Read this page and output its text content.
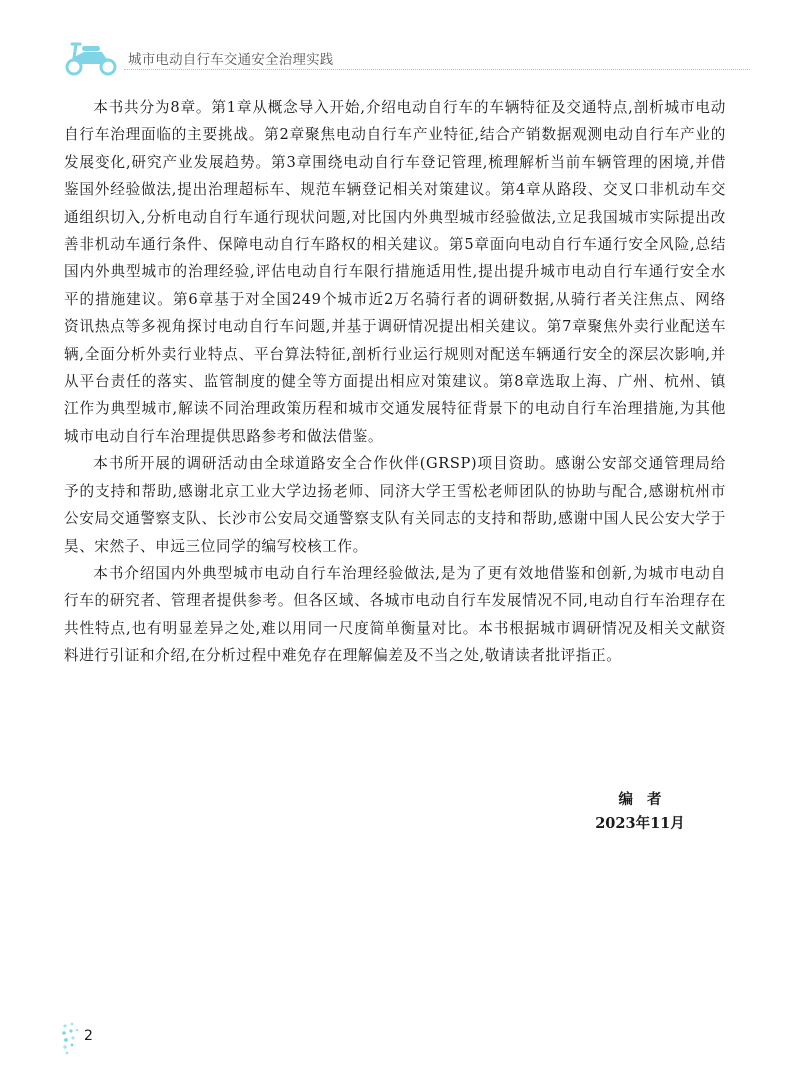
城市电动自行车交通安全治理实践

本书共分为8章。第1章从概念导入开始,介绍电动自行车的车辆特征及交通特点,剖析城市电动自行车治理面临的主要挑战。第2章聚焦电动自行车产业特征,结合产销数据观测电动自行车产业的发展变化,研究产业发展趋势。第3章围绕电动自行车登记管理,梳理解析当前车辆管理的困境,并借鉴国外经验做法,提出治理超标车、规范车辆登记相关对策建议。第4章从路段、交叉口非机动车交通组织切入,分析电动自行车通行现状问题,对比国内外典型城市经验做法,立足我国城市实际提出改善非机动车通行条件、保障电动自行车路权的相关建议。第5章面向电动自行车通行安全风险,总结国内外典型城市的治理经验,评估电动自行车限行措施适用性,提出提升城市电动自行车通行安全水平的措施建议。第6章基于对全国249个城市近2万名骑行者的调研数据,从骑行者关注焦点、网络资讯热点等多视角探讨电动自行车问题,并基于调研情况提出相关建议。第7章聚焦外卖行业配送车辆,全面分析外卖行业特点、平台算法特征,剖析行业运行规则对配送车辆通行安全的深层次影响,并从平台责任的落实、监管制度的健全等方面提出相应对策建议。第8章选取上海、广州、杭州、镇江作为典型城市,解读不同治理政策历程和城市交通发展特征背景下的电动自行车治理措施,为其他城市电动自行车治理提供思路参考和做法借鉴。

本书所开展的调研活动由全球道路安全合作伙伴(GRSP)项目资助。感谢公安部交通管理局给予的支持和帮助,感谢北京工业大学边扬老师、同济大学王雪松老师团队的协助与配合,感谢杭州市公安局交通警察支队、长沙市公安局交通警察支队有关同志的支持和帮助,感谢中国人民公安大学于昊、宋然子、申远三位同学的编写校核工作。

本书介绍国内外典型城市电动自行车治理经验做法,是为了更有效地借鉴和创新,为城市电动自行车的研究者、管理者提供参考。但各区域、各城市电动自行车发展情况不同,电动自行车治理存在共性特点,也有明显差异之处,难以用同一尺度简单衡量对比。本书根据城市调研情况及相关文献资料进行引证和介绍,在分析过程中难免存在理解偏差及不当之处,敬请读者批评指正。

编者
2023年11月
2
